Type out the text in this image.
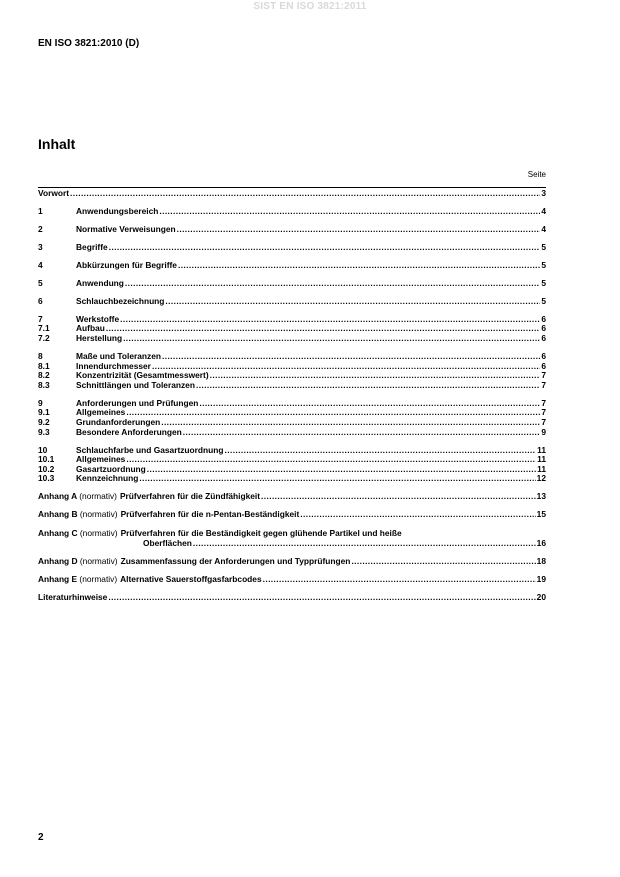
SIST EN ISO 3821:2011
EN ISO 3821:2010 (D)
Inhalt
Seite
Vorwort .....	3
1	Anwendungsbereich .....	4
2	Normative Verweisungen .....	4
3	Begriffe .....	5
4	Abkürzungen für Begriffe .....	5
5	Anwendung .....	5
6	Schlauchbezeichnung .....	5
7	Werkstoffe .....	6
7.1	Aufbau .....	6
7.2	Herstellung .....	6
8	Maße und Toleranzen .....	6
8.1	Innendurchmesser .....	6
8.2	Konzentrizität (Gesamtmesswert) .....	7
8.3	Schnittlängen und Toleranzen .....	7
9	Anforderungen und Prüfungen .....	7
9.1	Allgemeines .....	7
9.2	Grundanforderungen .....	7
9.3	Besondere Anforderungen .....	9
10	Schlauchfarbe und Gasartzuordnung .....	11
10.1	Allgemeines .....	11
10.2	Gasartzuordnung .....	11
10.3	Kennzeichnung .....	12
Anhang A (normativ) Prüfverfahren für die Zündfähigkeit .....	13
Anhang B (normativ) Prüfverfahren für die n-Pentan-Beständigkeit .....	15
Anhang C (normativ) Prüfverfahren für die Beständigkeit gegen glühende Partikel und heiße
Oberflächen .....	16
Anhang D (normativ) Zusammenfassung der Anforderungen und Typprüfungen .....	18
Anhang E (normativ) Alternative Sauerstoffgasfarbcodes .....	19
Literaturhinweise .....	20
2
